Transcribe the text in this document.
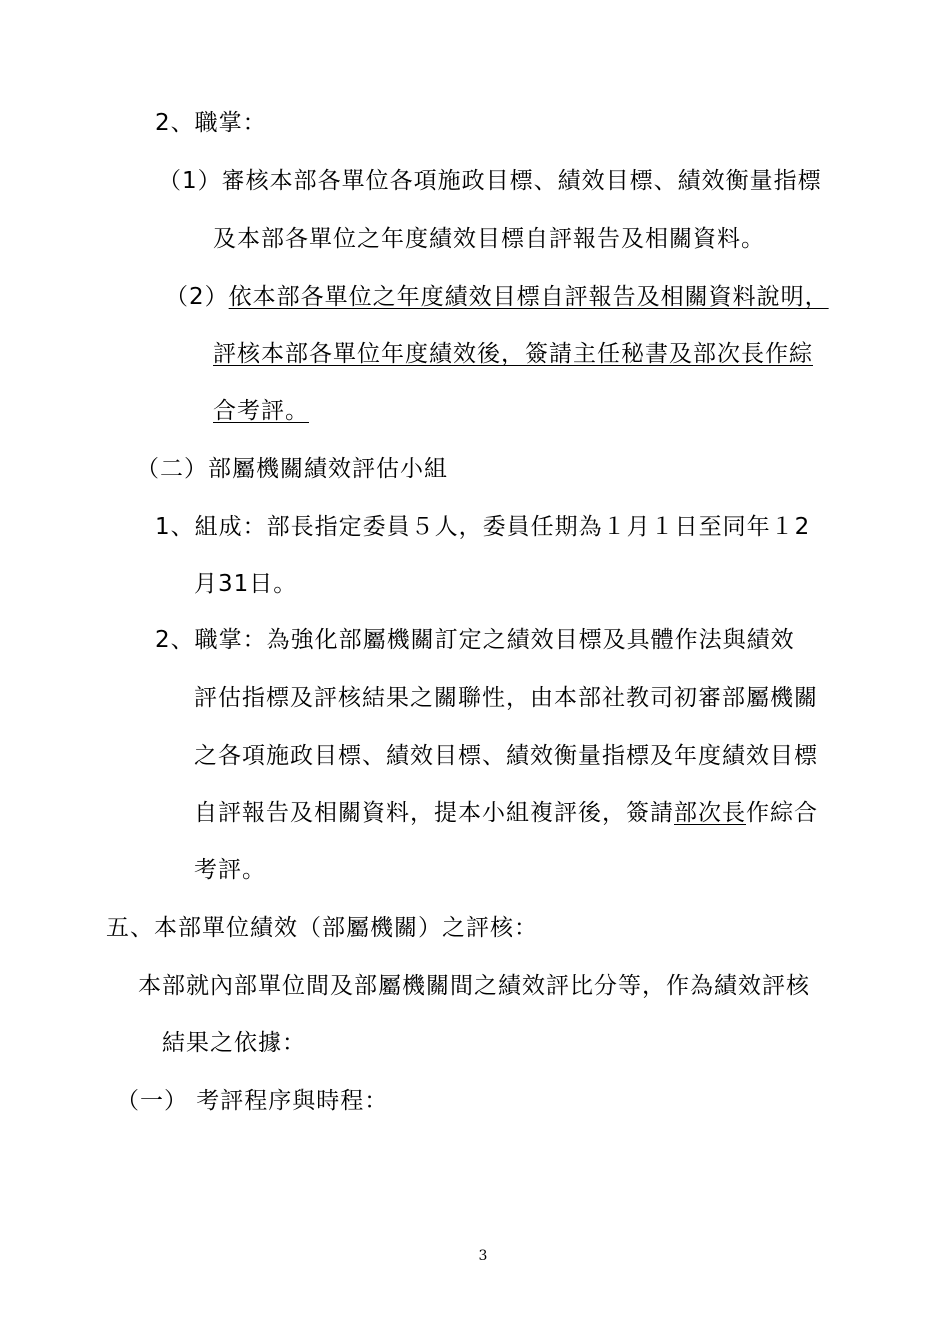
2、職掌：
（1）審核本部各單位各項施政目標、績效目標、績效衡量指標
及本部各單位之年度績效目標自評報告及相關資料。
（2）依本部各單位之年度績效目標自評報告及相關資料說明，
評核本部各單位年度績效後，簽請主任秘書及部次長作綜
合考評。
（二）部屬機關績效評估小組
1、組成：部長指定委員５人，委員任期為１月１日至同年１2
月31日。
2、職掌：為強化部屬機關訂定之績效目標及具體作法與績效
評估指標及評核結果之關聯性，由本部社教司初審部屬機關
之各項施政目標、績效目標、績效衡量指標及年度績效目標
自評報告及相關資料，提本小組複評後，簽請部次長作綜合
考評。
五、本部單位績效（部屬機關）之評核：
本部就內部單位間及部屬機關間之績效評比分等，作為績效評核
結果之依據：
（一） 考評程序與時程：
3
